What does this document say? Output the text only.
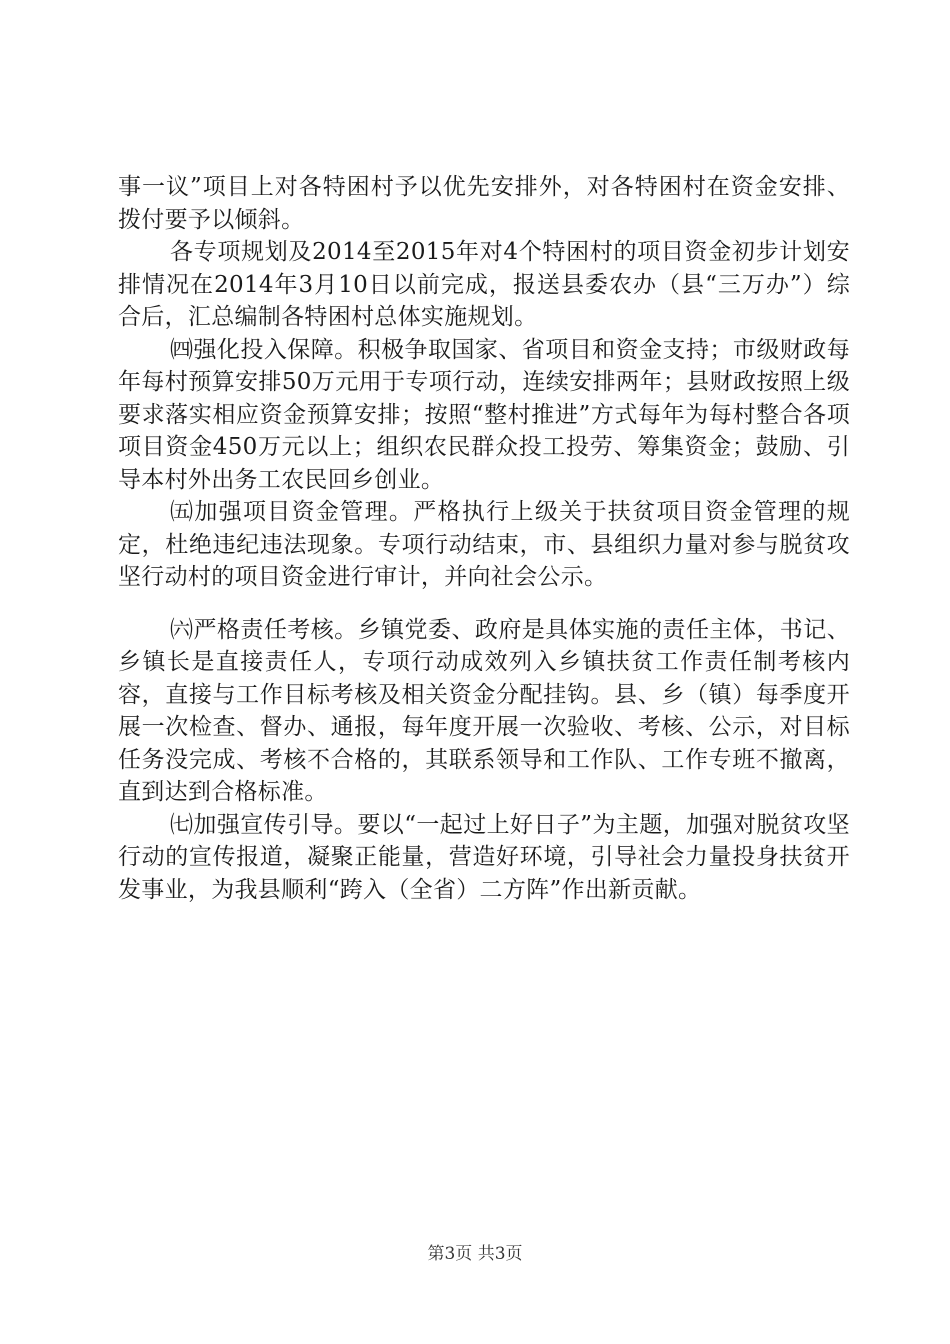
事一议”项目上对各特困村予以优先安排外，对各特困村在资金安排、拨付要予以倾斜。

各专项规划及2014至2015年对4个特困村的项目资金初步计划安排情况在2014年3月10日以前完成，报送县委农办（县“三万办”）综合后，汇总编制各特困村总体实施规划。

㈣强化投入保障。积极争取国家、省项目和资金支持；市级财政每年每村预算安排50万元用于专项行动，连续安排两年；县财政按照上级要求落实相应资金预算安排；按照“整村推进”方式每年为每村整合各项项目资金450万元以上；组织农民群众投工投劳、筹集资金；鼓励、引导本村外出务工农民回乡创业。

㈤加强项目资金管理。严格执行上级关于扶贫项目资金管理的规定，杜绝违纪违法现象。专项行动结束，市、县组织力量对参与脱贫攻坚行动村的项目资金进行审计，并向社会公示。

㈥严格责任考核。乡镇党委、政府是具体实施的责任主体，书记、乡镇长是直接责任人，专项行动成效列入乡镇扶贫工作责任制考核内容，直接与工作目标考核及相关资金分配挂钩。县、乡（镇）每季度开展一次检查、督办、通报，每年度开展一次验收、考核、公示，对目标任务没完成、考核不合格的，其联系领导和工作队、工作专班不撤离，直到达到合格标准。

㈦加强宣传引导。要以“一起过上好日子”为主题，加强对脱贫攻坚行动的宣传报道，凝聚正能量，营造好环境，引导社会力量投身扶贫开发事业，为我县顺利“跨入（全省）二方阵”作出新贡献。

第3页 共3页
